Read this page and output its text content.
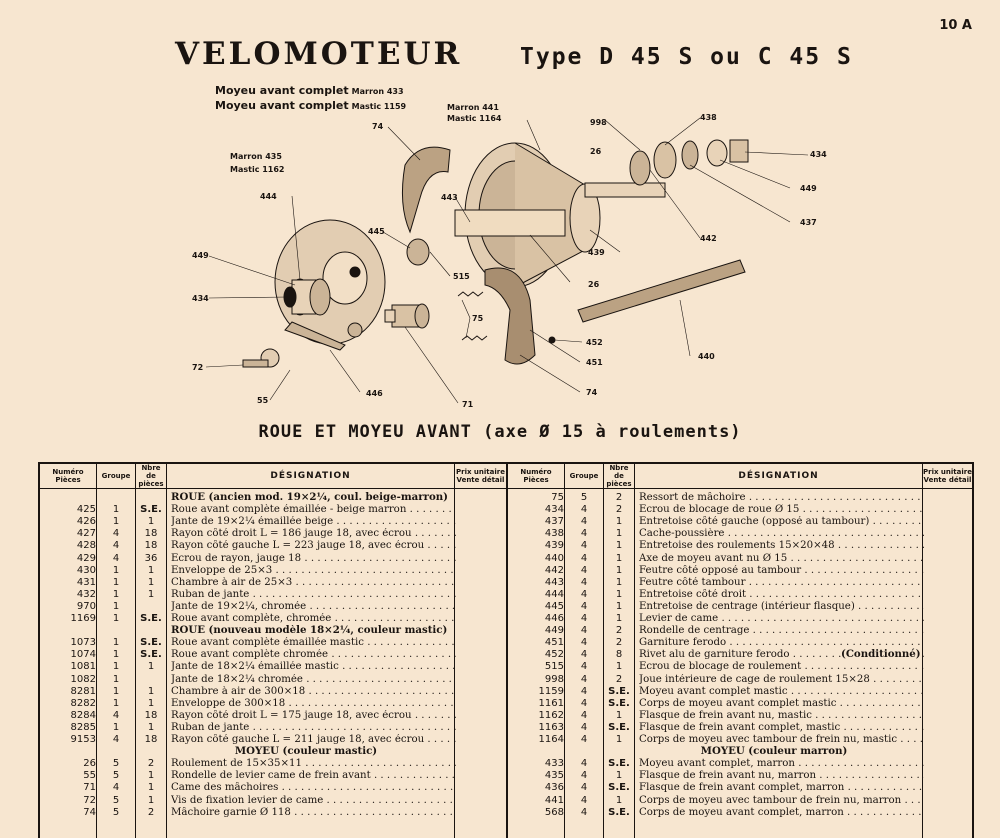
10 A
VELOMOTEUR	Type D 45 S ou C 45 S
Moyeu avant complet Marron 433
Moyeu avant complet Mastic 1159
74
Marron 441
Mastic 1164	998
438
26	434
449
437
442
439
26
Marron 435
Mastic 1162
444	443
445
449
434
515
75
452
451
74
440
72
55
446
71
ROUE ET MOYEU AVANT (axe Ø 15 à roulements)
Numéro Pièces	Groupe
Nbre de pièces
DÉSIGNATION	Prix unitaire Vente détail
ROUE (ancien mod. 19×2¼, coul. beige-marron)
425	1	S.E. Roue avant complète émaillée - beige marron . . .
426	1	1	Jante de 19×2¼ émaillée beige . . .
427	4	18	Rayon côté droit L = 186 jauge 18, avec écrou . . .
428	4	18	Rayon côté gauche L = 223 jauge 18, avec écrou . . .
429	4	36	Ecrou de rayon, jauge 18 . . .
430	1	1	Enveloppe de 25×3 . . .
431	1	1	Chambre à air de 25×3 . . .
432	1	1	Ruban de jante . . .
970	1	Jante de 19×2¼, chromée . . .
1169	1	S.E. Roue avant complète, chromée . . .
ROUE (nouveau modèle 18×2¼, couleur mastic)
1073	1	S.E. Roue avant complète émaillée mastic . . .
1074	1	S.E. Roue avant complète chromée . . .
1081	1	1	Jante de 18×2¼ émaillée mastic . . .
1082	1	Jante de 18×2¼ chromée . . .
8281	1	1	Chambre à air de 300×18 . . .
8282	1	1	Enveloppe de 300×18 . . .
8284	4	18	Rayon côté droit L = 175 jauge 18, avec écrou . . .
8285	1	1	Ruban de jante . . .
9153	4	18	Rayon côté gauche L = 211 jauge 18, avec écrou . . .
MOYEU (couleur mastic)
26	5	2	Roulement de 15×35×11 . . .
55	5	1	Rondelle de levier came de frein avant . . .
71	4	1	Came des mâchoires . . .
72	5	1	Vis de fixation levier de came . . .
74	5	2	Mâchoire garnie Ø 118 . . .
Numéro Pièces	Groupe
Nbre de pièces
DÉSIGNATION	Prix unitaire Vente détail
75	5	2	Ressort de mâchoire . . .
434	4	2	Ecrou de blocage de roue Ø 15 . . .
437	4	1	Entretoise côté gauche (opposé au tambour) . . .
438	4	1	Cache-poussière . . .
439	4	1	Entretoise des roulements 15×20×48 . . .
440	4	1	Axe de moyeu avant nu Ø 15 . . .
442	4	1	Feutre côté opposé au tambour . . .
443	4	1	Feutre côté tambour . . .
444	4	1	Entretoise côté droit . . .
445	4	1	Entretoise de centrage (intérieur flasque) . . .
446	4	1	Levier de came . . .
449	4	2	Rondelle de centrage . . .
451	4	2	Garniture ferodo . . .
452	4	8	Rivet alu de garniture ferodo . . .	(Conditionné)
515	4	1	Ecrou de blocage de roulement . . .
998	4	2	Joue intérieure de cage de roulement 15×28 . . .
1159	4	S.E. Moyeu avant complet mastic . . .
1161	4	S.E. Corps de moyeu avant complet mastic . . .
1162	4	1	Flasque de frein avant nu, mastic . . .
1163	4	S.E. Flasque de frein avant complet, mastic . . .
1164	4	1	Corps de moyeu avec tambour de frein nu, mastic . . .
MOYEU (couleur marron)
433	4	S.E. Moyeu avant complet, marron . . .
435	4	1	Flasque de frein avant nu, marron . . .
436	4	S.E. Flasque de frein avant complet, marron . . .
441	4	1	Corps de moyeu avec tambour de frein nu, marron . . .
568	4	S.E. Corps de moyeu avant complet, marron . . .
